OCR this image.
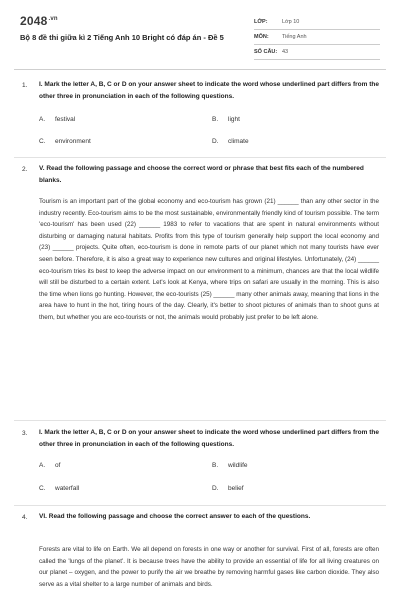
$2048^{.vn}$
Bộ 8 đề thi giữa kì 2 Tiếng Anh 10 Bright có đáp án - Đề 5
LỚP:	Lớp 10
MÔN:	Tiếng Anh
SỐ CÂU: 43
1. I. Mark the letter A, B, C or D on your answer sheet to indicate the word whose underlined part differs from the other three in pronunciation in each of the following questions.
A. festival	B. light
C. environment	D. climate
2. V. Read the following passage and choose the correct word or phrase that best fits each of the numbered blanks.
Tourism is an important part of the global economy and eco-tourism has grown (21) ______ than any other sector in the industry recently. Eco-tourism aims to be the most sustainable, environmentally friendly kind of tourism possible. The term 'eco-tourism' has been used (22) ______ 1983 to refer to vacations that are spent in natural environments without disturbing or damaging natural habitats. Profits from this type of tourism generally help support the local economy and (23) ______ projects. Quite often, eco-tourism is done in remote parts of our planet which not many tourists have ever seen before. Therefore, it is also a great way to experience new cultures and original lifestyles. Unfortunately, (24) ______ eco-tourism tries its best to keep the adverse impact on our environment to a minimum, chances are that the local wildlife will still be disturbed to a certain extent. Let's look at Kenya, where trips on safari are usually in the morning. This is also the time when lions go hunting. However, the eco-tourists (25) ______ many other animals away, meaning that lions in the area have to hunt in the hot, tiring hours of the day. Clearly, it's better to shoot pictures of animals than to shoot guns at them, but whether you are eco-tourists or not, the animals would probably just prefer to be left alone.
3. I. Mark the letter A, B, C or D on your answer sheet to indicate the word whose underlined part differs from the other three in pronunciation in each of the following questions.
A. of	B. wildlife
C. waterfall	D. belief
4. VI. Read the following passage and choose the correct answer to each of the questions.
Forests are vital to life on Earth. We all depend on forests in one way or another for survival. First of all, forests are often called the 'lungs of the planet'. It is because trees have the ability to provide an essential of life for all living creatures on our planet – oxygen, and the power to purify the air we breathe by removing harmful gases like carbon dioxide. They also serve as a vital shelter to a large number of animals and birds.
